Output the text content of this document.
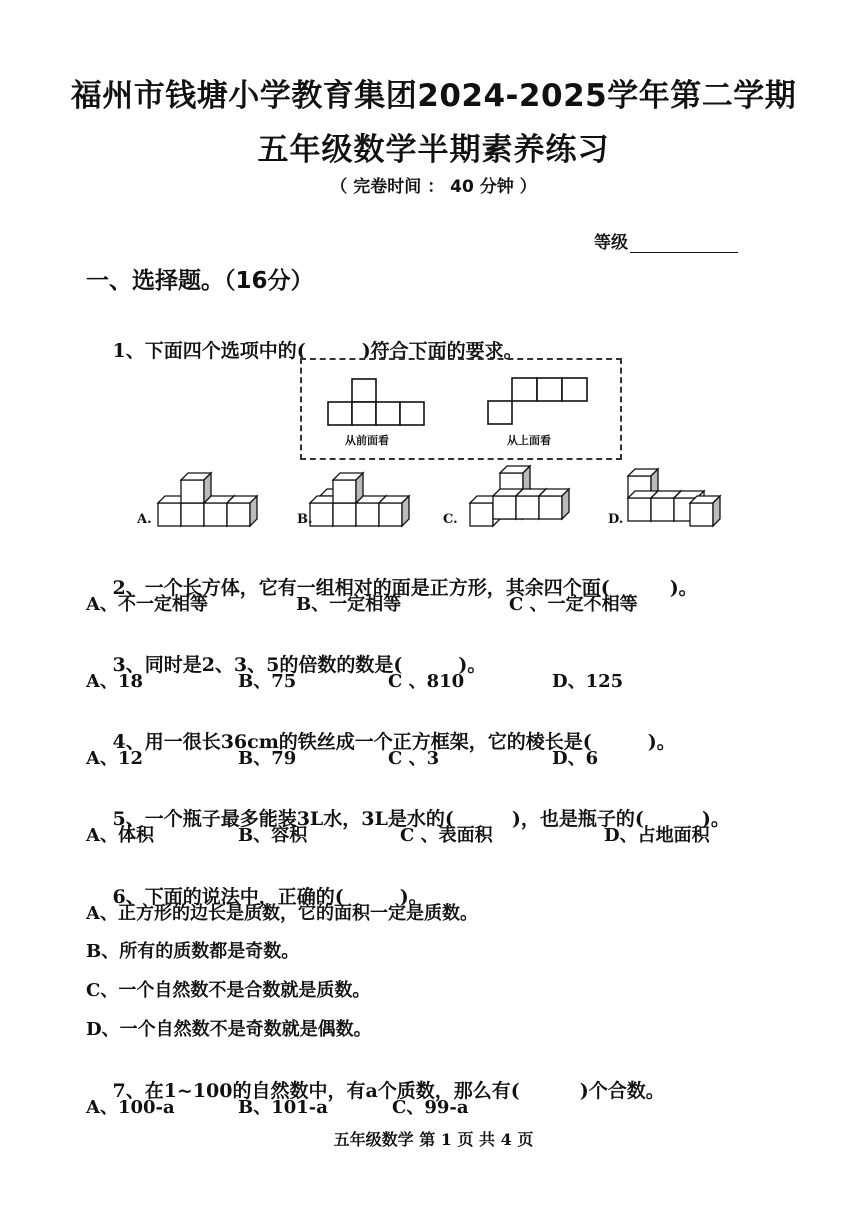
福州市钱塘小学教育集团2024-2025学年第二学期
五年级数学半期素养练习
（ 完卷时间 ： 40 分钟 ）
等级
一、选择题。（16分）

1、下面四个选项中的(	)符合下面的要求。

从前面看	从上面看
A.	B.	C.	D.

2、一个长方体，它有一组相对的面是正方形，其余四个面(	)。

A、不一定相等	B、一定相等	C 、一定不相等

3、同时是2、3、5的倍数的数是(	)。

A、18	B、75	C 、810	D、125

4、用一很长36cm的铁丝成一个正方框架，它的棱长是(	)。

A、12	B、79	C 、3	D、6

5、一个瓶子最多能装3L水，3L是水的(	)，也是瓶子的(	)。

A、体积	B、容积	C 、表面积	D、占地面积

6、下面的说法中，正确的(	)。

A、正方形的边长是质数，它的面积一定是质数。
B、所有的质数都是奇数。
C、一个自然数不是合数就是质数。
D、一个自然数不是奇数就是偶数。

7、在1~100的自然数中，有a个质数，那么有(	)个合数。

A、100-a	B、101-a	C、99-a
五年级数学 第 1 页 共 4 页
